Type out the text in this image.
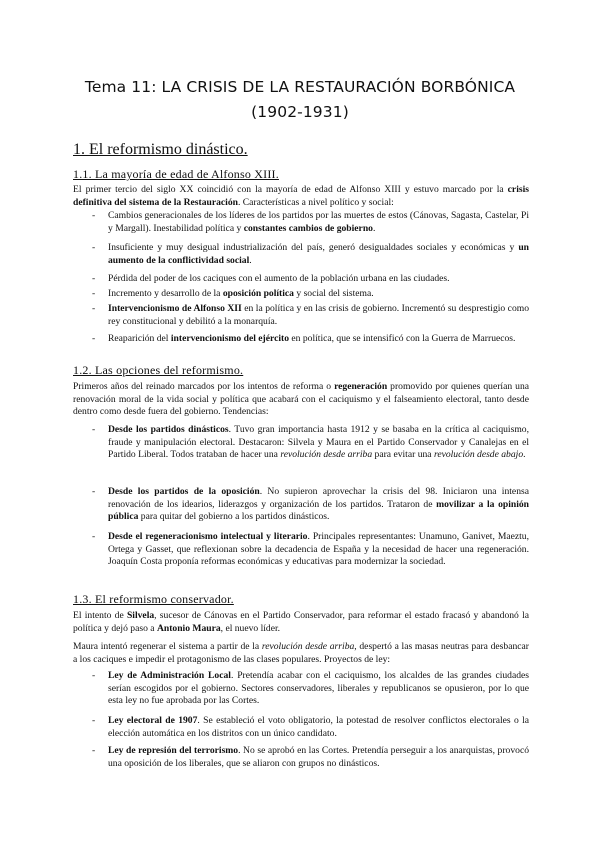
Tema 11: LA CRISIS DE LA RESTAURACIÓN BORBÓNICA
(1902-1931)
1. El reformismo dinástico.
1.1. La mayoría de edad de Alfonso XIII.
El primer tercio del siglo XX coincidió con la mayoría de edad de Alfonso XIII y estuvo marcado por la crisis definitiva del sistema de la Restauración. Características a nivel político y social:
- Cambios generacionales de los líderes de los partidos por las muertes de estos (Cánovas, Sagasta, Castelar, Pi y Margall). Inestabilidad política y constantes cambios de gobierno.
- Insuficiente y muy desigual industrialización del país, generó desigualdades sociales y económicas y un aumento de la conflictividad social.
- Pérdida del poder de los caciques con el aumento de la población urbana en las ciudades.
- Incremento y desarrollo de la oposición política y social del sistema.
- Intervencionismo de Alfonso XII en la política y en las crisis de gobierno. Incrementó su desprestigio como rey constitucional y debilitó a la monarquía.
- Reaparición del intervencionismo del ejército en política, que se intensificó con la Guerra de Marruecos.
1.2. Las opciones del reformismo.
Primeros años del reinado marcados por los intentos de reforma o regeneración promovido por quienes querían una renovación moral de la vida social y política que acabará con el caciquismo y el falseamiento electoral, tanto desde dentro como desde fuera del gobierno. Tendencias:
- Desde los partidos dinásticos. Tuvo gran importancia hasta 1912 y se basaba en la crítica al caciquismo, fraude y manipulación electoral. Destacaron: Silvela y Maura en el Partido Conservador y Canalejas en el Partido Liberal. Todos trataban de hacer una revolución desde arriba para evitar una revolución desde abajo.
- Desde los partidos de la oposición. No supieron aprovechar la crisis del 98. Iniciaron una intensa renovación de los idearios, liderazgos y organización de los partidos. Trataron de movilizar a la opinión pública para quitar del gobierno a los partidos dinásticos.
- Desde el regeneracionismo intelectual y literario. Principales representantes: Unamuno, Ganivet, Maeztu, Ortega y Gasset, que reflexionan sobre la decadencia de España y la necesidad de hacer una regeneración. Joaquín Costa proponía reformas económicas y educativas para modernizar la sociedad.
1.3. El reformismo conservador.
El intento de Silvela, sucesor de Cánovas en el Partido Conservador, para reformar el estado fracasó y abandonó la política y dejó paso a Antonio Maura, el nuevo líder.
Maura intentó regenerar el sistema a partir de la revolución desde arriba, despertó a las masas neutras para desbancar a los caciques e impedir el protagonismo de las clases populares. Proyectos de ley:
- Ley de Administración Local. Pretendía acabar con el caciquismo, los alcaldes de las grandes ciudades serían escogidos por el gobierno. Sectores conservadores, liberales y republicanos se opusieron, por lo que esta ley no fue aprobada por las Cortes.
- Ley electoral de 1907. Se estableció el voto obligatorio, la potestad de resolver conflictos electorales o la elección automática en los distritos con un único candidato.
- Ley de represión del terrorismo. No se aprobó en las Cortes. Pretendía perseguir a los anarquistas, provocó una oposición de los liberales, que se aliaron con grupos no dinásticos.
